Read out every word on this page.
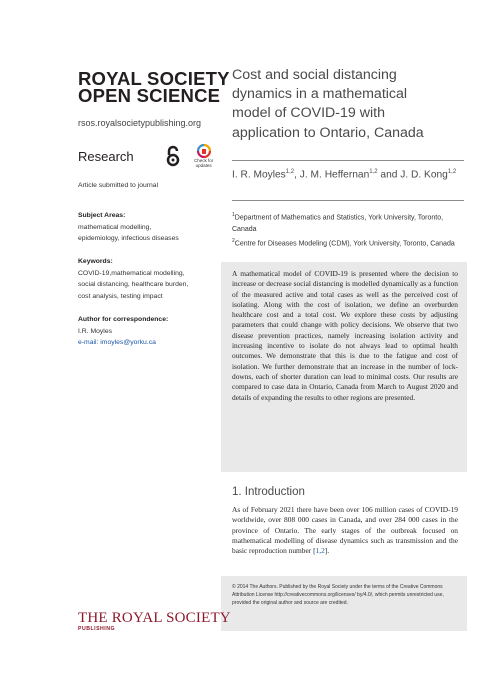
ROYAL SOCIETY
OPEN SCIENCE
rsos.royalsocietypublishing.org
Research	Check for updates
Article submitted to journal
Subject Areas:
mathematical modelling,
epidemiology, infectious diseases
Keywords:
COVID-19,mathematical modelling,
social distancing, healthcare burden,
cost analysis, testing impact
Author for correspondence:
I.R. Moyles
e-mail: imoyles@yorku.ca
Cost and social distancing dynamics in a mathematical model of COVID-19 with application to Ontario, Canada
I. R. Moyles$^{1,2}$, J. M. Heffernan$^{1,2}$ and J. D. Kong$^{1,2}$
$^1$Department of Mathematics and Statistics, York University, Toronto, Canada
$^2$Centre for Diseases Modeling (CDM), York University, Toronto, Canada
A mathematical model of COVID-19 is presented where the decision to increase or decrease social distancing is modelled dynamically as a function of the measured active and total cases as well as the perceived cost of isolating. Along with the cost of isolation, we define an overburden healthcare cost and a total cost. We explore these costs by adjusting parameters that could change with policy decisions. We observe that two disease prevention practices, namely increasing isolation activity and increasing incentive to isolate do not always lead to optimal health outcomes. We demonstrate that this is due to the fatigue and cost of isolation. We further demonstrate that an increase in the number of lock-downs, each of shorter duration can lead to minimal costs. Our results are compared to case data in Ontario, Canada from March to August 2020 and details of expanding the results to other regions are presented.
1. Introduction
As of February 2021 there have been over 106 million cases of COVID-19 worldwide, over 808 000 cases in Canada, and over 284 000 cases in the province of Ontario. The early stages of the outbreak focused on mathematical modelling of disease dynamics such as transmission and the basic reproduction number [1,2].
© 2014 The Authors. Published by the Royal Society under the terms of the Creative Commons Attribution License http://creativecommons.org/licenses/ by/4.0/, which permits unrestricted use, provided the original author and source are credited.
THE ROYAL SOCIETY
PUBLISHING
